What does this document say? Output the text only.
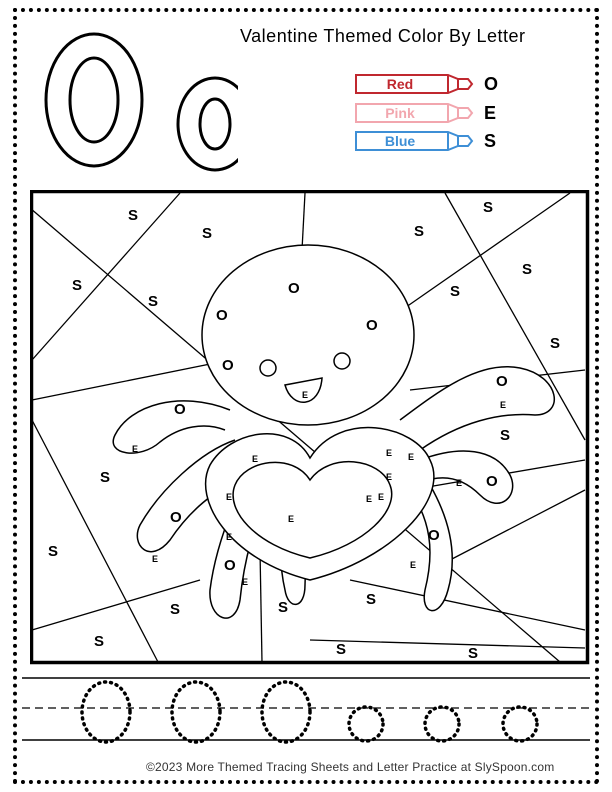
Valentine Themed Color By Letter
Red	O
Pink	E
Blue	S
S
S	S
S
S
S
S
S
S
S
S
S
S	S	S
S	S	S
O
O
O
O
O
O
O
O
O
O
E
E
E
E
E
E
E
E
E E
E
E
E
E
E
E
©2023 More Themed Tracing Sheets and Letter Practice at SlySpoon.com
